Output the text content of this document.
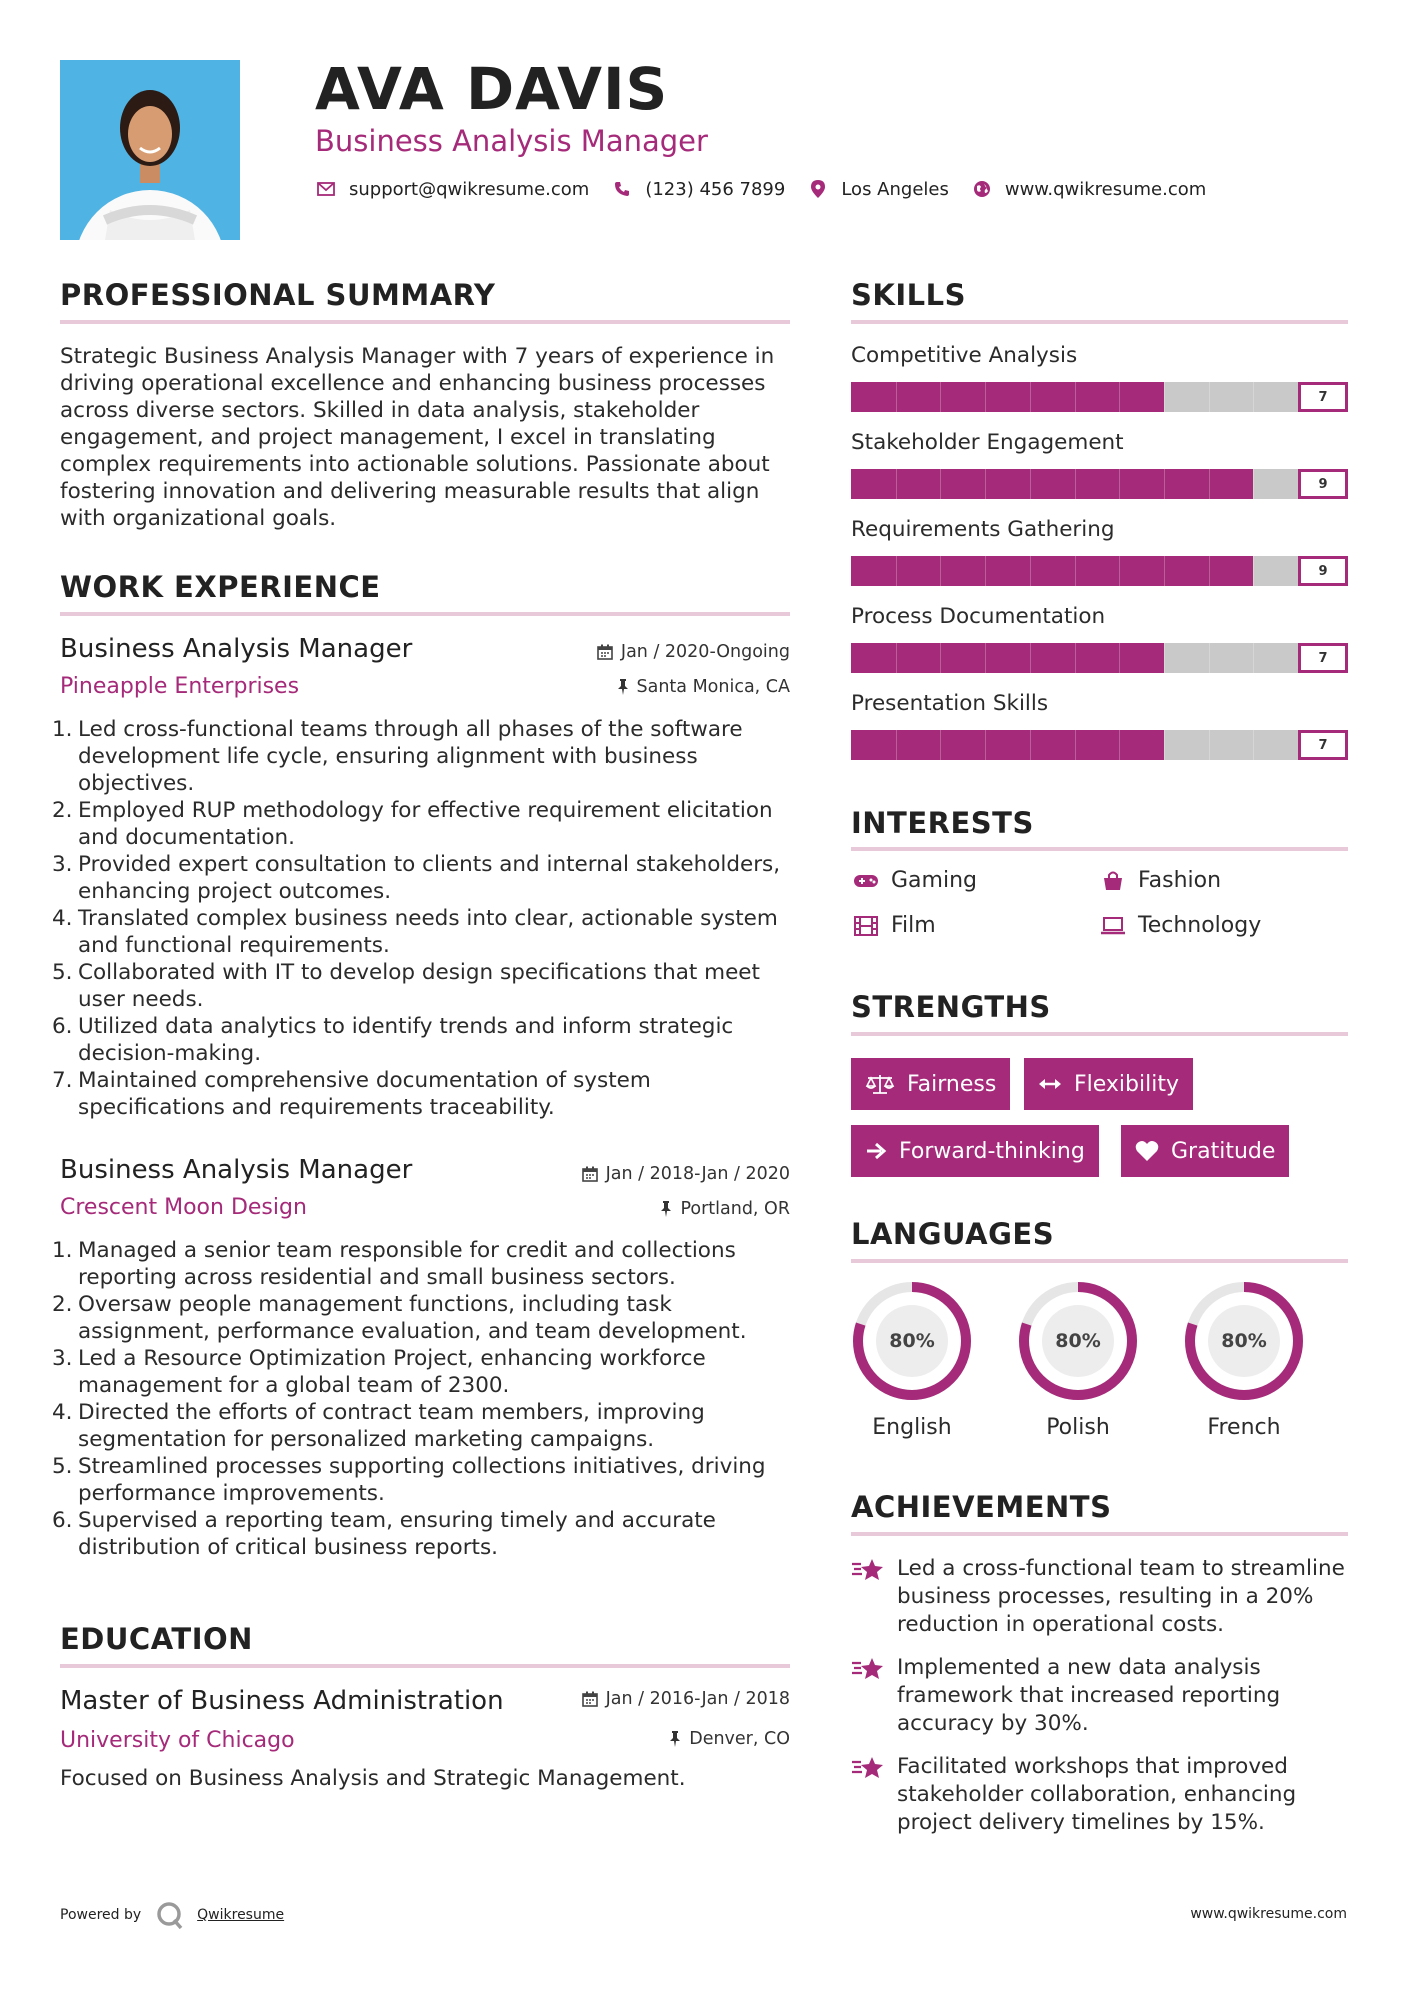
AVA DAVIS
Business Analysis Manager
support@qwikresume.com	(123) 456 7899	Los Angeles	www.qwikresume.com
PROFESSIONAL SUMMARY
Strategic Business Analysis Manager with 7 years of experience in driving operational excellence and enhancing business processes across diverse sectors. Skilled in data analysis, stakeholder engagement, and project management, I excel in translating complex requirements into actionable solutions. Passionate about fostering innovation and delivering measurable results that align with organizational goals.
WORK EXPERIENCE
Business Analysis Manager	Jan / 2020-Ongoing
Pineapple Enterprises	Santa Monica, CA
1. Led cross-functional teams through all phases of the software development life cycle, ensuring alignment with business objectives.
2. Employed RUP methodology for effective requirement elicitation and documentation.
3. Provided expert consultation to clients and internal stakeholders, enhancing project outcomes.
4. Translated complex business needs into clear, actionable system and functional requirements.
5. Collaborated with IT to develop design specifications that meet user needs.
6. Utilized data analytics to identify trends and inform strategic decision-making.
7. Maintained comprehensive documentation of system specifications and requirements traceability.
Business Analysis Manager	Jan / 2018-Jan / 2020
Crescent Moon Design	Portland, OR
1. Managed a senior team responsible for credit and collections reporting across residential and small business sectors.
2. Oversaw people management functions, including task assignment, performance evaluation, and team development.
3. Led a Resource Optimization Project, enhancing workforce management for a global team of 2300.
4. Directed the efforts of contract team members, improving segmentation for personalized marketing campaigns.
5. Streamlined processes supporting collections initiatives, driving performance improvements.
6. Supervised a reporting team, ensuring timely and accurate distribution of critical business reports.
EDUCATION
Master of Business Administration	Jan / 2016-Jan / 2018
University of Chicago	Denver, CO
Focused on Business Analysis and Strategic Management.
SKILLS
Competitive Analysis
7
Stakeholder Engagement
9
Requirements Gathering
9
Process Documentation
7
Presentation Skills
7
INTERESTS
Gaming	Fashion
Film	Technology
STRENGTHS
Fairness	Flexibility
Forward-thinking	Gratitude
LANGUAGES
80%	80%	80%
English	Polish	French
ACHIEVEMENTS
Led a cross-functional team to streamline business processes, resulting in a 20% reduction in operational costs.
Implemented a new data analysis framework that increased reporting accuracy by 30%.
Facilitated workshops that improved stakeholder collaboration, enhancing project delivery timelines by 15%.
Powered by	Qwikresume	www.qwikresume.com
